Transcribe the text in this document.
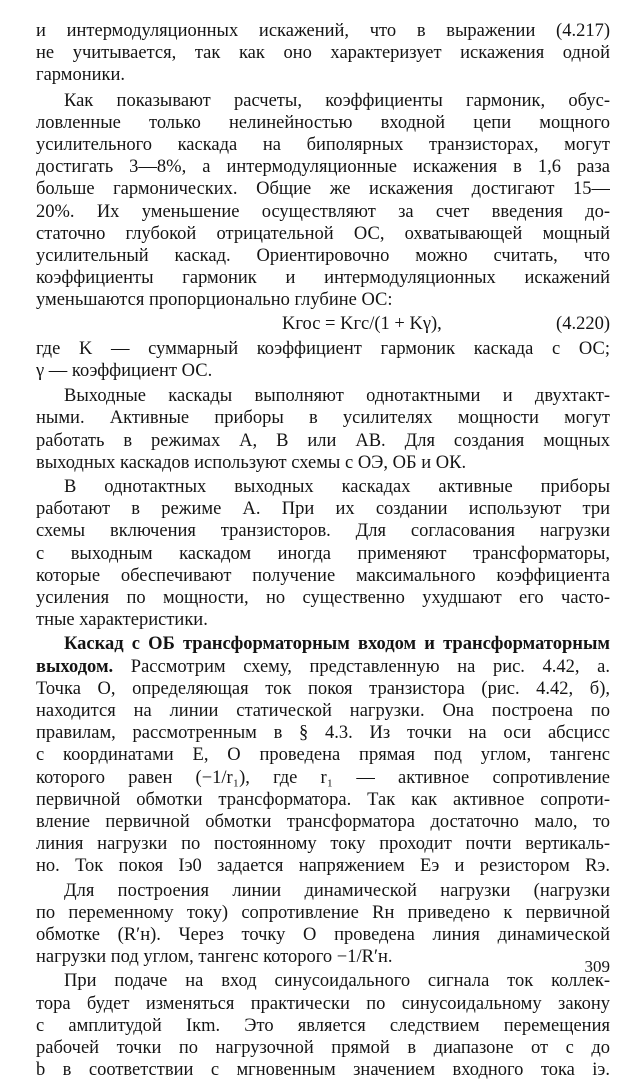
и интермодуляционных искажений, что в выражении (4.217)
не учитывается, так как оно характеризует искажения одной
гармоники.
Как показывают расчеты, коэффициенты гармоник, обус-
ловленные только нелинейностью входной цепи мощного
усилительного каскада на биполярных транзисторах, могут
достигать 3—8%, а интермодуляционные искажения в 1,6 раза
больше гармонических. Общие же искажения достигают 15—
20%. Их уменьшение осуществляют за счет введения до-
статочно глубокой отрицательной ОС, охватывающей мощный
усилительный каскад. Ориентировочно можно считать, что
коэффициенты гармоник и интермодуляционных искажений
уменьшаются пропорционально глубине ОС:
где K — суммарный коэффициент гармоник каскада с ОС;
γ — коэффициент ОС.
Выходные каскады выполняют однотактными и двухтакт-
ными. Активные приборы в усилителях мощности могут
работать в режимах A, B или AB. Для создания мощных
выходных каскадов используют схемы с ОЭ, ОБ и ОК.
В однотактных выходных каскадах активные приборы
работают в режиме A. При их создании используют три
схемы включения транзисторов. Для согласования нагрузки
с выходным каскадом иногда применяют трансформаторы,
которые обеспечивают получение максимального коэффициента
усиления по мощности, но существенно ухудшают его часто-
тные характеристики.
Каскад с ОБ трансформаторным входом и трансформаторным
выходом. Рассмотрим схему, представленную на рис. 4.42, а.
Точка O, определяющая ток покоя транзистора (рис. 4.42, б),
находится на линии статической нагрузки. Она построена по
правилам, рассмотренным в § 4.3. Из точки на оси абсцисс
с координатами E, O проведена прямая под углом, тангенс
которого равен (−1/r₁), где r₁ — активное сопротивление
первичной обмотки трансформатора. Так как активное сопроти-
вление первичной обмотки трансформатора достаточно мало, то
линия нагрузки по постоянному току проходит почти вертикаль-
но. Ток покоя Iэ0 задается напряжением Eэ и резистором Rэ.
Для построения линии динамической нагрузки (нагрузки
по переменному току) сопротивление Rн приведено к первичной
обмотке (R′н). Через точку O проведена линия динамической
нагрузки под углом, тангенс которого −1/R′н.
При подаче на вход синусоидального сигнала ток коллек-
тора будет изменяться практически по синусоидальному закону
с амплитудой Iкm. Это является следствием перемещения
рабочей точки по нагрузочной прямой в диапазоне от c до
b в соответствии с мгновенным значением входного тока iэ.
Kгос = Kгс/(1 + Kγ),	(4.220)
309
